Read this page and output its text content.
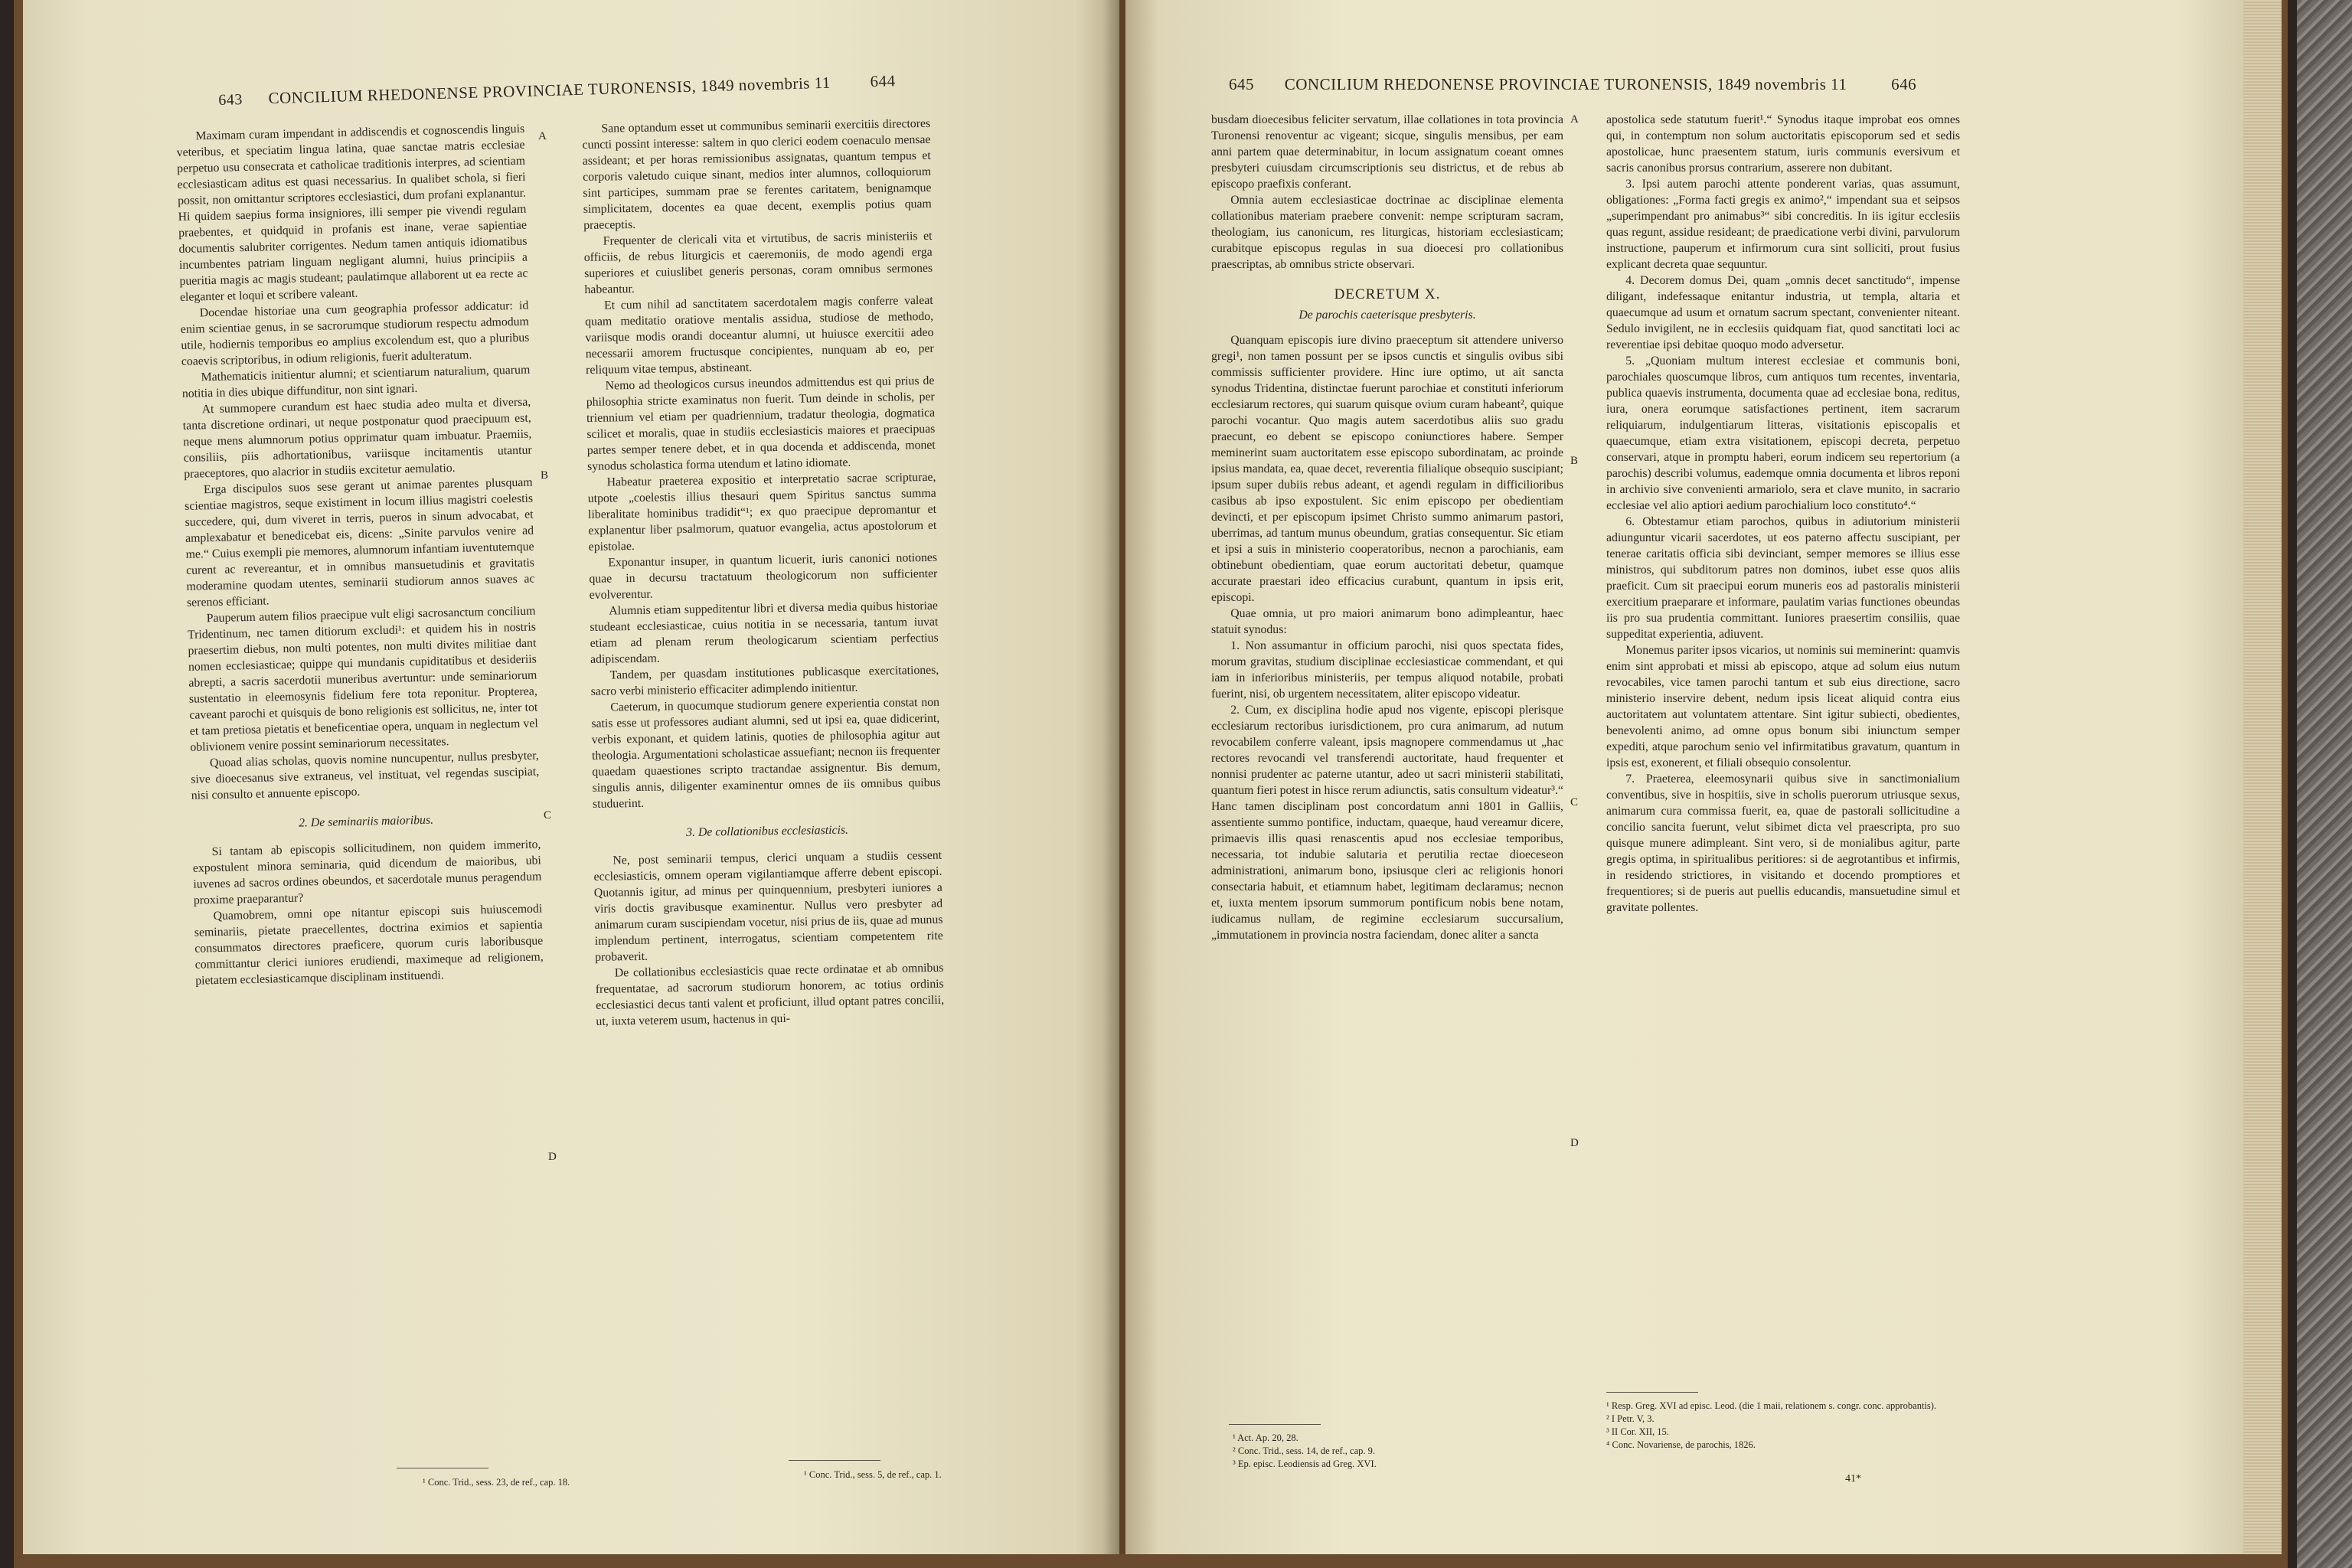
643 CONCILIUM RHEDONENSE PROVINCIAE TURONENSIS, 1849 novembris 11 644

Maximam curam impendant in addiscendis et cognoscendis linguis veteribus, et speciatim lingua latina, quae sanctae matris ecclesiae perpetuo usu consecrata et catholicae traditionis interpres, ad scientiam ecclesiasticam aditus est quasi necessarius. In qualibet schola, si fieri possit, non omittantur scriptores ecclesiastici, dum profani explanantur. Hi quidem saepius forma insigniores, illi semper pie vivendi regulam praebentes, et quidquid in profanis est inane, verae sapientiae documentis salubriter corrigentes. Nedum tamen antiquis idiomatibus incumbentes patriam linguam negligant alumni, huius principiis a pueritia magis ac magis studeant; paulatimque allaborent ut ea recte ac eleganter et loqui et scribere valeant.

Docendae historiae una cum geographia professor addicatur: id enim scientiae genus, in se sacrorumque studiorum respectu admodum utile, hodiernis temporibus eo amplius excolendum est, quo a pluribus coaevis scriptoribus, in odium religionis, fuerit adulteratum.

Mathematicis initientur alumni; et scientiarum naturalium, quarum notitia in dies ubique diffunditur, non sint ignari.

At summopere curandum est haec studia adeo multa et diversa, tanta discretione ordinari, ut neque postponatur quod praecipuum est, neque mens alumnorum potius opprimatur quam imbuatur. Praemiis, consiliis, piis adhortationibus, variisque incitamentis utantur praeceptores, quo alacrior in studiis excitetur aemulatio.

Erga discipulos suos sese gerant ut animae parentes plusquam scientiae magistros, seque existiment in locum illius magistri coelestis succedere, qui, dum viveret in terris, pueros in sinum advocabat, et amplexabatur et benedicebat eis, dicens: „Sinite parvulos venire ad me.“ Cuius exempli pie memores, alumnorum infantiam iuventutemque curent ac revereantur, et in omnibus mansuetudinis et gravitatis moderamine quodam utentes, seminarii studiorum annos suaves ac serenos efficiant.

Pauperum autem filios praecipue vult eligi sacrosanctum concilium Tridentinum, nec tamen ditiorum excludi¹: et quidem his in nostris praesertim diebus, non multi potentes, non multi divites militiae dant nomen ecclesiasticae; quippe qui mundanis cupiditatibus et desideriis abrepti, a sacris sacerdotii muneribus avertuntur: unde seminariorum sustentatio in eleemosynis fidelium fere tota reponitur. Propterea, caveant parochi et quisquis de bono religionis est sollicitus, ne, inter tot et tam pretiosa pietatis et beneficentiae opera, unquam in neglectum vel oblivionem venire possint seminariorum necessitates.

Quoad alias scholas, quovis nomine nuncupentur, nullus presbyter, sive dioecesanus sive extraneus, vel instituat, vel regendas suscipiat, nisi consulto et annuente episcopo.

2. De seminariis maioribus.

Si tantam ab episcopis sollicitudinem, non quidem immerito, expostulent minora seminaria, quid dicendum de maioribus, ubi iuvenes ad sacros ordines obeundos, et sacerdotale munus peragendum proxime praeparantur?

Quamobrem, omni ope nitantur episcopi suis huiuscemodi seminariis, pietate praecellentes, doctrina eximios et sapientia consummatos directores praeficere, quorum curis laboribusque committantur clerici iuniores erudiendi, maximeque ad religionem, pietatem ecclesiasticamque disciplinam instituendi.

Sane optandum esset ut communibus seminarii exercitiis directores cuncti possint interesse: saltem in quo clerici eodem coenaculo mensae assideant; et per horas remissionibus assignatas, quantum tempus et corporis valetudo cuique sinant, medios inter alumnos, colloquiorum sint participes, summam prae se ferentes caritatem, benignamque simplicitatem, docentes ea quae decent, exemplis potius quam praeceptis.

Frequenter de clericali vita et virtutibus, de sacris ministeriis et officiis, de rebus liturgicis et caeremoniis, de modo agendi erga superiores et cuiuslibet generis personas, coram omnibus sermones habeantur.

Et cum nihil ad sanctitatem sacerdotalem magis conferre valeat quam meditatio oratiove mentalis assidua, studiose de methodo, variisque modis orandi doceantur alumni, ut huiusce exercitii adeo necessarii amorem fructusque concipientes, nunquam ab eo, per reliquum vitae tempus, abstineant.

Nemo ad theologicos cursus ineundos admittendus est qui prius de philosophia stricte examinatus non fuerit. Tum deinde in scholis, per triennium vel etiam per quadriennium, tradatur theologia, dogmatica scilicet et moralis, quae in studiis ecclesiasticis maiores et praecipuas partes semper tenere debet, et in qua docenda et addiscenda, monet synodus scholastica forma utendum et latino idiomate.

Habeatur praeterea expositio et interpretatio sacrae scripturae, utpote „coelestis illius thesauri quem Spiritus sanctus summa liberalitate hominibus tradidit“¹; ex quo praecipue depromantur et explanentur liber psalmorum, quatuor evangelia, actus apostolorum et epistolae.

Exponantur insuper, in quantum licuerit, iuris canonici notiones quae in decursu tractatuum theologicorum non sufficienter evolverentur.

Alumnis etiam suppeditentur libri et diversa media quibus historiae studeant ecclesiasticae, cuius notitia in se necessaria, tantum iuvat etiam ad plenam rerum theologicarum scientiam perfectius adipiscendam.

Tandem, per quasdam institutiones publicasque exercitationes, sacro verbi ministerio efficaciter adimplendo initientur.

Caeterum, in quocumque studiorum genere experientia constat non satis esse ut professores audiant alumni, sed ut ipsi ea, quae didicerint, verbis exponant, et quidem latinis, quoties de philosophia agitur aut theologia. Argumentationi scholasticae assuefiant; necnon iis frequenter quaedam quaestiones scripto tractandae assignentur. Bis demum, singulis annis, diligenter examinentur omnes de iis omnibus quibus studuerint.

3. De collationibus ecclesiasticis.

Ne, post seminarii tempus, clerici unquam a studiis cessent ecclesiasticis, omnem operam vigilantiamque afferre debent episcopi. Quotannis igitur, ad minus per quinquennium, presbyteri iuniores a viris doctis gravibusque examinentur. Nullus vero presbyter ad animarum curam suscipiendam vocetur, nisi prius de iis, quae ad munus implendum pertinent, interrogatus, scientiam competentem rite probaverit.

De collationibus ecclesiasticis quae recte ordinatae et ab omnibus frequentatae, ad sacrorum studiorum honorem, ac totius ordinis ecclesiastici decus tanti valent et proficiunt, illud optant patres concilii, ut, iuxta veterem usum, hactenus in qui-

A
B
C
D
¹ Conc. Trid., sess. 23, de ref., cap. 18.
¹ Conc. Trid., sess. 5, de ref., cap. 1.
645 CONCILIUM RHEDONENSE PROVINCIAE TURONENSIS, 1849 novembris 11	646

busdam dioecesibus feliciter servatum, illae collationes in tota provincia Turonensi renoventur ac vigeant; sicque, singulis mensibus, per eam anni partem quae determinabitur, in locum assignatum coeant omnes presbyteri cuiusdam circumscriptionis seu districtus, et de rebus ab episcopo praefixis conferant.

Omnia autem ecclesiasticae doctrinae ac disciplinae elementa collationibus materiam praebere convenit: nempe scripturam sacram, theologiam, ius canonicum, res liturgicas, historiam ecclesiasticam; curabitque episcopus regulas in sua dioecesi pro collationibus praescriptas, ab omnibus stricte observari.

DECRETUM X.

De parochis caeterisque presbyteris.

Quanquam episcopis iure divino praeceptum sit attendere universo gregi¹, non tamen possunt per se ipsos cunctis et singulis ovibus sibi commissis sufficienter providere. Hinc iure optimo, ut ait sancta synodus Tridentina, distinctae fuerunt parochiae et constituti inferiorum ecclesiarum rectores, qui suarum quisque ovium curam habeant², quique parochi vocantur. Quo magis autem sacerdotibus aliis suo gradu praecunt, eo debent se episcopo coniunctiores habere. Semper meminerint suam auctoritatem esse episcopo subordinatam, ac proinde ipsius mandata, ea, quae decet, reverentia filialique obsequio suscipiant; ipsum super dubiis rebus adeant, et agendi regulam in difficilioribus casibus ab ipso expostulent. Sic enim episcopo per obedientiam devincti, et per episcopum ipsimet Christo summo animarum pastori, uberrimas, ad tantum munus obeundum, gratias consequentur. Sic etiam et ipsi a suis in ministerio cooperatoribus, necnon a parochianis, eam obtinebunt obedientiam, quae eorum auctoritati debetur, quamque accurate praestari ideo efficacius curabunt, quantum in ipsis erit, episcopi.

Quae omnia, ut pro maiori animarum bono adimpleantur, haec statuit synodus:

1. Non assumantur in officium parochi, nisi quos spectata fides, morum gravitas, studium disciplinae ecclesiasticae commendant, et qui iam in inferioribus ministeriis, per tempus aliquod notabile, probati fuerint, nisi, ob urgentem necessitatem, aliter episcopo videatur.

2. Cum, ex disciplina hodie apud nos vigente, episcopi plerisque ecclesiarum rectoribus iurisdictionem, pro cura animarum, ad nutum revocabilem conferre valeant, ipsis magnopere commendamus ut „hac rectores revocandi vel transferendi auctoritate, haud frequenter et nonnisi prudenter ac paterne utantur, adeo ut sacri ministerii stabilitati, quantum fieri potest in hisce rerum adiunctis, satis consultum videatur³.“ Hanc tamen disciplinam post concordatum anni 1801 in Galliis, assentiente summo pontifice, inductam, quaeque, haud vereamur dicere, primaevis illis quasi renascentis apud nos ecclesiae temporibus, necessaria, tot indubie salutaria et perutilia rectae dioeceseon administrationi, animarum bono, ipsiusque cleri ac religionis honori consectaria habuit, et etiamnum habet, legitimam declaramus; necnon et, iuxta mentem ipsorum summorum pontificum nobis bene notam, iudicamus nullam, de regimine ecclesiarum succursalium, „immutationem in provincia nostra faciendam, donec aliter a sancta

apostolica sede statutum fuerit¹.“ Synodus itaque improbat eos omnes qui, in contemptum non solum auctoritatis episcoporum sed et sedis apostolicae, hunc praesentem statum, iuris communis eversivum et sacris canonibus prorsus contrarium, asserere non dubitant.

3. Ipsi autem parochi attente ponderent varias, quas assumunt, obligationes: „Forma facti gregis ex animo²,“ impendant sua et seipsos „superimpendant pro animabus³“ sibi concreditis. In iis igitur ecclesiis quas regunt, assidue resideant; de praedicatione verbi divini, parvulorum instructione, pauperum et infirmorum cura sint solliciti, prout fusius explicant decreta quae sequuntur.

4. Decorem domus Dei, quam „omnis decet sanctitudo“, impense diligant, indefessaque enitantur industria, ut templa, altaria et quaecumque ad usum et ornatum sacrum spectant, convenienter niteant. Sedulo invigilent, ne in ecclesiis quidquam fiat, quod sanctitati loci ac reverentiae ipsi debitae quoquo modo adversetur.

5. „Quoniam multum interest ecclesiae et communis boni, parochiales quoscumque libros, cum antiquos tum recentes, inventaria, publica quaevis instrumenta, documenta quae ad ecclesiae bona, reditus, iura, onera eorumque satisfactiones pertinent, item sacrarum reliquiarum, indulgentiarum litteras, visitationis episcopalis et quaecumque, etiam extra visitationem, episcopi decreta, perpetuo conservari, atque in promptu haberi, eorum indicem seu repertorium (a parochis) describi volumus, eademque omnia documenta et libros reponi in archivio sive convenienti armariolo, sera et clave munito, in sacrario ecclesiae vel alio aptiori aedium parochialium loco constituto⁴.“

6. Obtestamur etiam parochos, quibus in adiutorium ministerii adiunguntur vicarii sacerdotes, ut eos paterno affectu suscipiant, per tenerae caritatis officia sibi devinciant, semper memores se illius esse ministros, qui subditorum patres non dominos, iubet esse quos aliis praeficit. Cum sit praecipui eorum muneris eos ad pastoralis ministerii exercitium praeparare et informare, paulatim varias functiones obeundas iis pro sua prudentia committant. Iuniores praesertim consiliis, quae suppeditat experientia, adiuvent.

Monemus pariter ipsos vicarios, ut nominis sui meminerint: quamvis enim sint approbati et missi ab episcopo, atque ad solum eius nutum revocabiles, vice tamen parochi tantum et sub eius directione, sacro ministerio inservire debent, nedum ipsis liceat aliquid contra eius auctoritatem aut voluntatem attentare. Sint igitur subiecti, obedientes, benevolenti animo, ad omne opus bonum sibi iniunctum semper expediti, atque parochum senio vel infirmitatibus gravatum, quantum in ipsis est, exonerent, et filiali obsequio consolentur.

7. Praeterea, eleemosynarii quibus sive in sanctimonialium conventibus, sive in hospitiis, sive in scholis puerorum utriusque sexus, animarum cura commissa fuerit, ea, quae de pastorali sollicitudine a concilio sancita fuerunt, velut sibimet dicta vel praescripta, pro suo quisque munere adimpleant. Sint vero, si de monialibus agitur, parte gregis optima, in spiritualibus peritiores: si de aegrotantibus et infirmis, in residendo strictiores, in visitando et docendo promptiores et frequentiores; si de pueris aut puellis educandis, mansuetudine simul et gravitate pollentes.

A
B
C
D
¹ Act. Ap. 20, 28.
² Conc. Trid., sess. 14, de ref., cap. 9.
³ Ep. episc. Leodiensis ad Greg. XVI.
¹ Resp. Greg. XVI ad episc. Leod. (die 1 maii, relationem s. congr. conc. approbantis).
² I Petr. V, 3.
³ II Cor. XII, 15.
⁴ Conc. Novariense, de parochis, 1826.
41*
